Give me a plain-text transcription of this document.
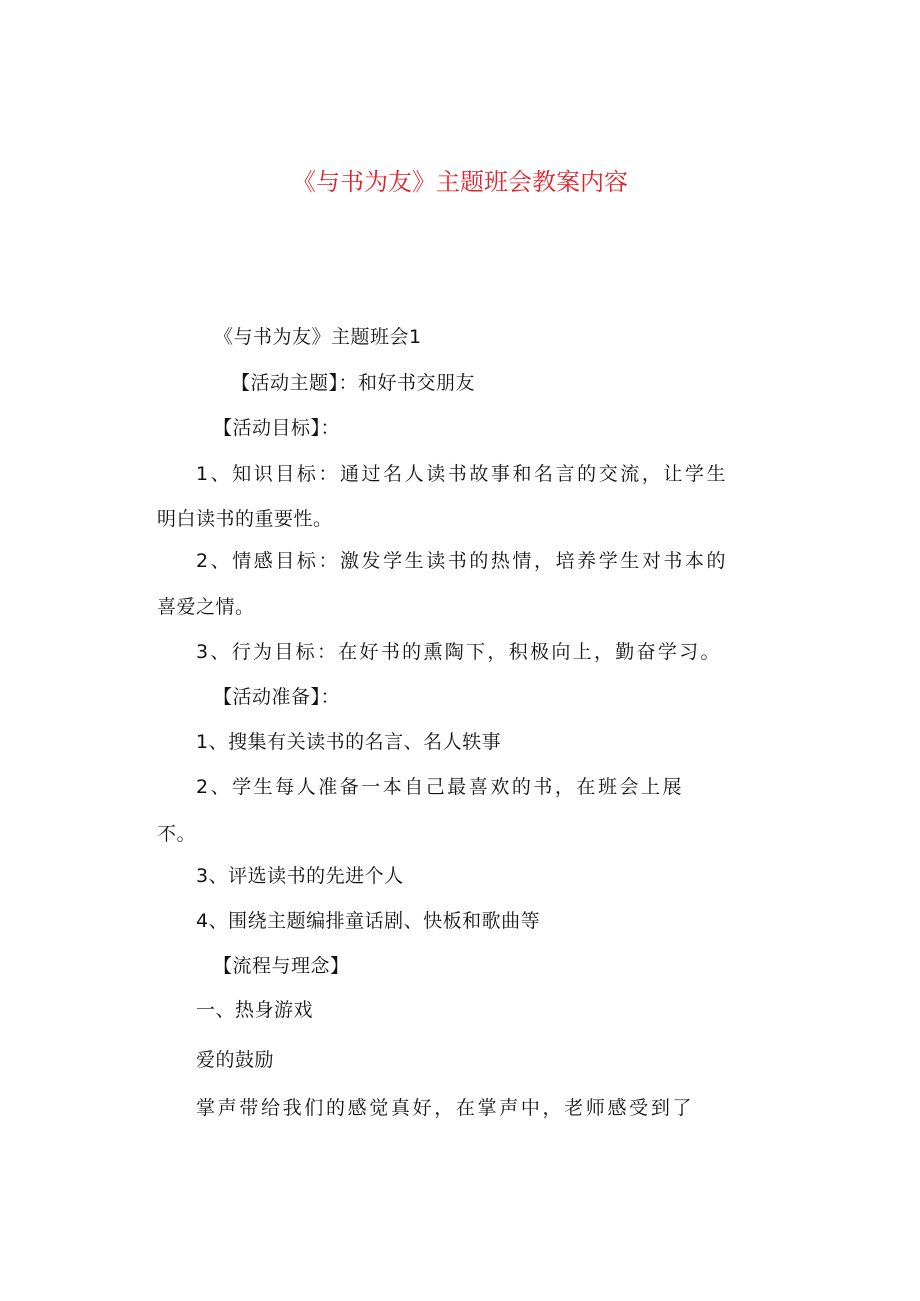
《与书为友》主题班会教案内容
《与书为友》主题班会1
【活动主题】：和好书交朋友
【活动目标】：
1、知识目标：通过名人读书故事和名言的交流，让学生
明白读书的重要性。
2、情感目标：激发学生读书的热情，培养学生对书本的
喜爱之情。
3、行为目标：在好书的熏陶下，积极向上，勤奋学习。
【活动准备】：
1、搜集有关读书的名言、名人轶事
2、学生每人准备一本自己最喜欢的书，在班会上展
不。
3、评选读书的先进个人
4、围绕主题编排童话剧、快板和歌曲等
【流程与理念】
一、热身游戏
爱的鼓励
掌声带给我们的感觉真好，在掌声中，老师感受到了
